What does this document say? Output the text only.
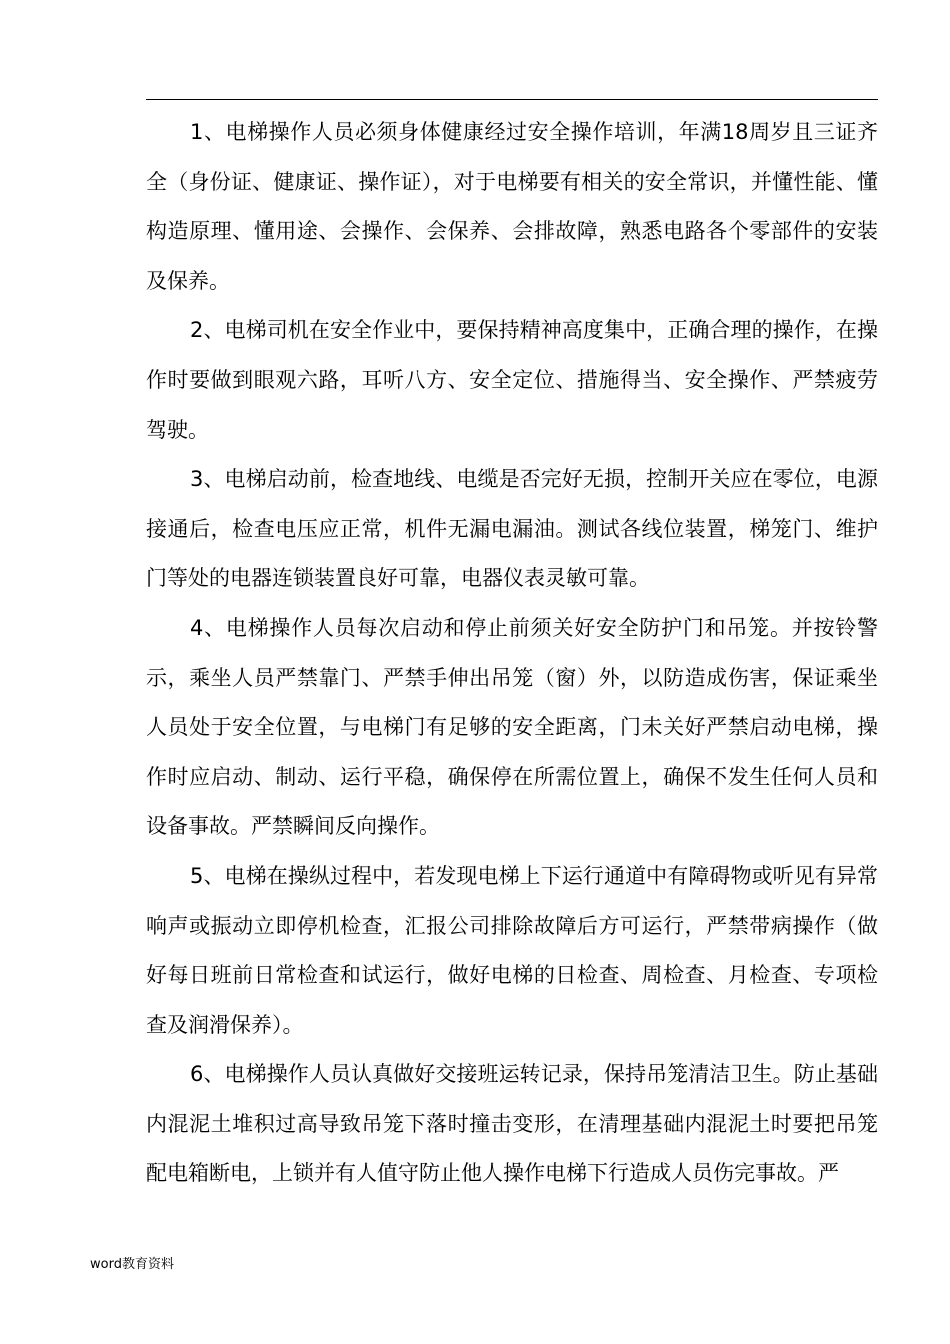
1、电梯操作人员必须身体健康经过安全操作培训，年满18周岁且三证齐全（身份证、健康证、操作证），对于电梯要有相关的安全常识，并懂性能、懂构造原理、懂用途、会操作、会保养、会排故障，熟悉电路各个零部件的安装及保养。

2、电梯司机在安全作业中，要保持精神高度集中，正确合理的操作，在操作时要做到眼观六路，耳听八方、安全定位、措施得当、安全操作、严禁疲劳驾驶。

3、电梯启动前，检查地线、电缆是否完好无损，控制开关应在零位，电源接通后，检查电压应正常，机件无漏电漏油。测试各线位装置，梯笼门、维护门等处的电器连锁装置良好可靠，电器仪表灵敏可靠。

4、电梯操作人员每次启动和停止前须关好安全防护门和吊笼。并按铃警示，乘坐人员严禁靠门、严禁手伸出吊笼（窗）外，以防造成伤害，保证乘坐人员处于安全位置，与电梯门有足够的安全距离，门未关好严禁启动电梯，操作时应启动、制动、运行平稳，确保停在所需位置上，确保不发生任何人员和设备事故。严禁瞬间反向操作。

5、电梯在操纵过程中，若发现电梯上下运行通道中有障碍物或听见有异常响声或振动立即停机检查，汇报公司排除故障后方可运行，严禁带病操作（做好每日班前日常检查和试运行，做好电梯的日检查、周检查、月检查、专项检查及润滑保养）。

6、电梯操作人员认真做好交接班运转记录，保持吊笼清洁卫生。防止基础内混泥土堆积过高导致吊笼下落时撞击变形，在清理基础内混泥土时要把吊笼配电箱断电，上锁并有人值守防止他人操作电梯下行造成人员伤完事故。严

word教育资料
